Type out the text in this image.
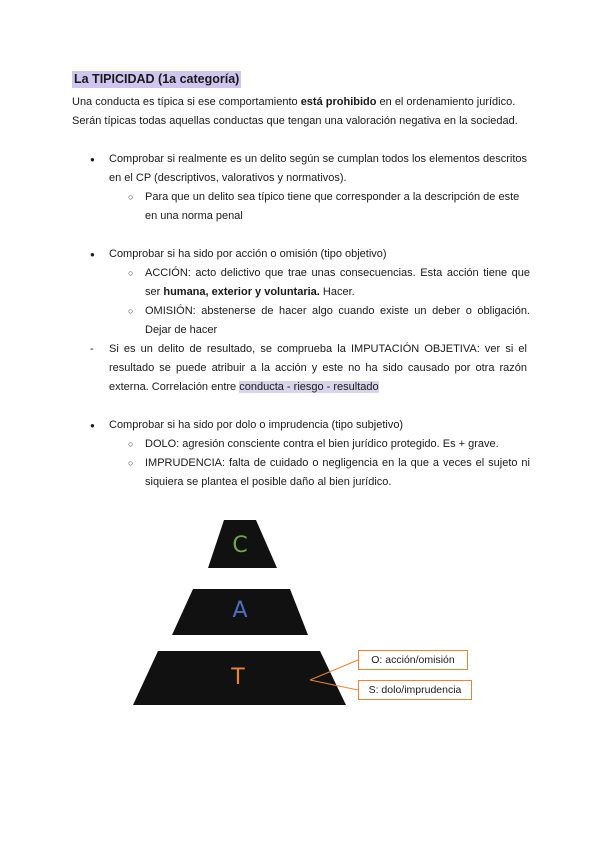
La TIPICIDAD (1a categoría)

Una conducta es típica si ese comportamiento está prohibido en el ordenamiento jurídico.

Serán típicas todas aquellas conductas que tengan una valoración negativa en la sociedad.

● Comprobar si realmente es un delito según se cumplan todos los elementos descritos en el CP (descriptivos, valorativos y normativos).

○ Para que un delito sea típico tiene que corresponder a la descripción de este en una norma penal

● Comprobar si ha sido por acción o omisión (tipo objetivo)

○ ACCIÓN: acto delictivo que trae unas consecuencias. Esta acción tiene que ser humana, exterior y voluntaria. Hacer.

○ OMISIÓN: abstenerse de hacer algo cuando existe un deber o obligación. Dejar de hacer

- Si es un delito de resultado, se comprueba la IMPUTACIÓN OBJETIVA: ver si el resultado se puede atribuir a la acción y este no ha sido causado por otra razón externa. Correlación entre conducta - riesgo - resultado

● Comprobar si ha sido por dolo o imprudencia (tipo subjetivo)

○ DOLO: agresión consciente contra el bien jurídico protegido. Es + grave.

○ IMPRUDENCIA: falta de cuidado o negligencia en la que a veces el sujeto ni siquiera se plantea el posible daño al bien jurídico.

C
A
T
O: acción/omisión
S: dolo/imprudencia
